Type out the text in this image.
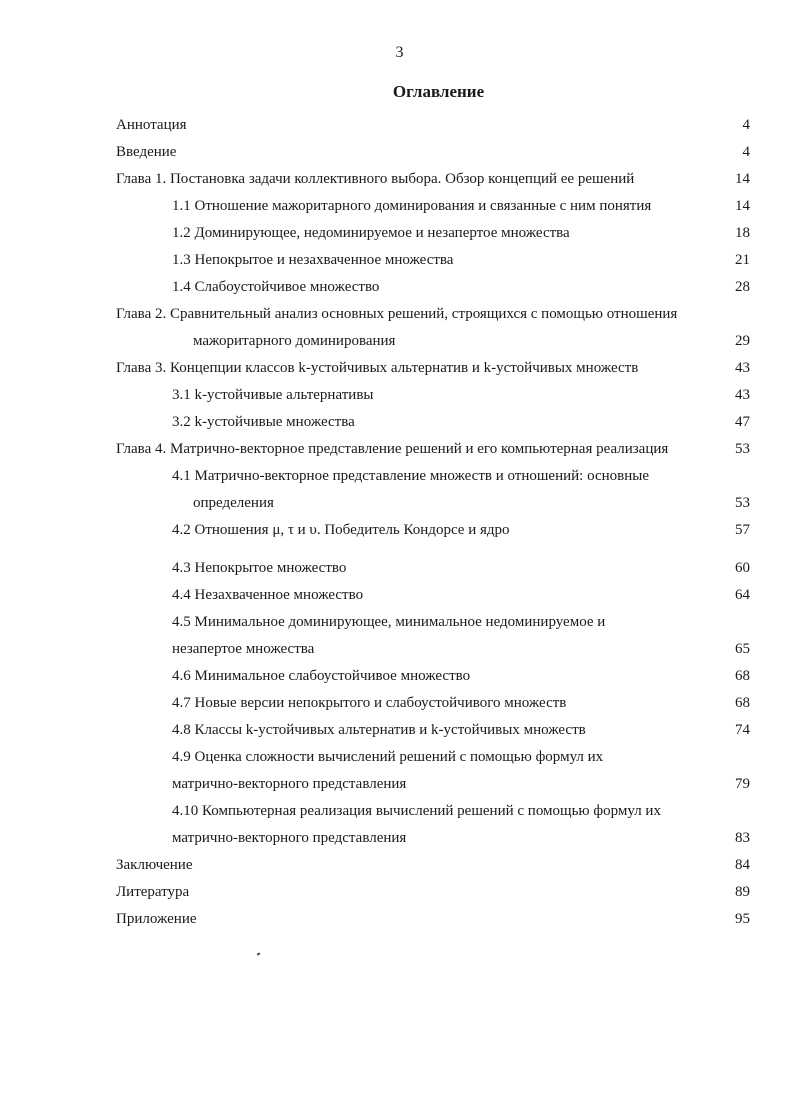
3
Оглавление
Аннотация	4
Введение	4
Глава 1. Постановка задачи коллективного выбора. Обзор концепций ее решений	14
1.1 Отношение мажоритарного доминирования и связанные с ним понятия	14
1.2 Доминирующее, недоминируемое и незапертое множества	18
1.3 Непокрытое и незахваченное множества	21
1.4 Слабоустойчивое множество	28
Глава 2. Сравнительный анализ основных решений, строящихся с помощью отношения
мажоритарного доминирования	29
Глава 3. Концепции классов k-устойчивых альтернатив и k-устойчивых множеств	43
3.1 k-устойчивые альтернативы	43
3.2 k-устойчивые множества	47
Глава 4. Матрично-векторное представление решений и его компьютерная реализация	53
4.1 Матрично-векторное представление множеств и отношений: основные
определения	53
4.2 Отношения μ, τ и υ. Победитель Кондорсе и ядро	57
4.3 Непокрытое множество	60
4.4 Незахваченное множество	64
4.5 Минимальное доминирующее, минимальное недоминируемое и
незапертое множества	65
4.6 Минимальное слабоустойчивое множество	68
4.7 Новые версии непокрытого и слабоустойчивого множеств	68
4.8 Классы k-устойчивых альтернатив и k-устойчивых множеств	74
4.9 Оценка сложности вычислений решений с помощью формул их
матрично-векторного представления	79
4.10 Компьютерная реализация вычислений решений с помощью формул их
матрично-векторного представления	83
Заключение	84
Литература	89
Приложение	95
